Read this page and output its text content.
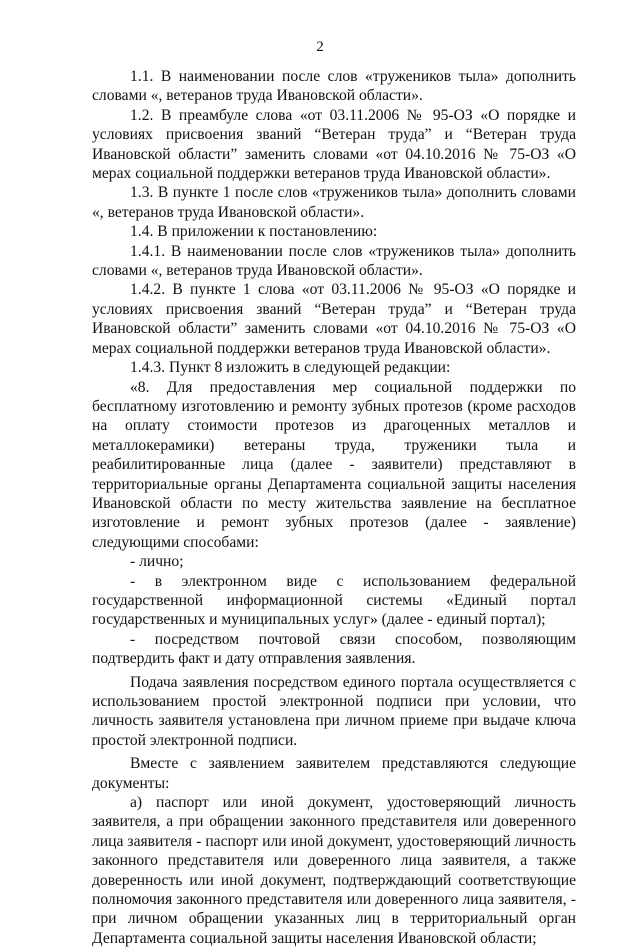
2

1.1. В наименовании после слов «тружеников тыла» дополнить словами «, ветеранов труда Ивановской области».

1.2. В преамбуле слова «от 03.11.2006 № 95-ОЗ «О порядке и условиях присвоения званий “Ветеран труда” и “Ветеран труда Ивановской области” заменить словами «от 04.10.2016 № 75-ОЗ «О мерах социальной поддержки ветеранов труда Ивановской области».

1.3. В пункте 1 после слов «тружеников тыла» дополнить словами «, ветеранов труда Ивановской области».

1.4. В приложении к постановлению:

1.4.1. В наименовании после слов «тружеников тыла» дополнить словами «, ветеранов труда Ивановской области».

1.4.2. В пункте 1 слова «от 03.11.2006 № 95-ОЗ «О порядке и условиях присвоения званий “Ветеран труда” и “Ветеран труда Ивановской области” заменить словами «от 04.10.2016 № 75-ОЗ «О мерах социальной поддержки ветеранов труда Ивановской области».

1.4.3. Пункт 8 изложить в следующей редакции:

«8. Для предоставления мер социальной поддержки по бесплатному изготовлению и ремонту зубных протезов (кроме расходов на оплату стоимости протезов из драгоценных металлов и металлокерамики) ветераны труда, труженики тыла и реабилитированные лица (далее - заявители) представляют в территориальные органы Департамента социальной защиты населения Ивановской области по месту жительства заявление на бесплатное изготовление и ремонт зубных протезов (далее - заявление) следующими способами:

- лично;

- в электронном виде с использованием федеральной государственной информационной системы «Единый портал государственных и муниципальных услуг» (далее - единый портал);

- посредством почтовой связи способом, позволяющим подтвердить факт и дату отправления заявления.

Подача заявления посредством единого портала осуществляется с использованием простой электронной подписи при условии, что личность заявителя установлена при личном приеме при выдаче ключа простой электронной подписи.

Вместе с заявлением заявителем представляются следующие документы:

а) паспорт или иной документ, удостоверяющий личность заявителя, а при обращении законного представителя или доверенного лица заявителя - паспорт или иной документ, удостоверяющий личность законного представителя или доверенного лица заявителя, а также доверенность или иной документ, подтверждающий соответствующие полномочия законного представителя или доверенного лица заявителя, - при личном обращении указанных лиц в территориальный орган Департамента социальной защиты населения Ивановской области;
